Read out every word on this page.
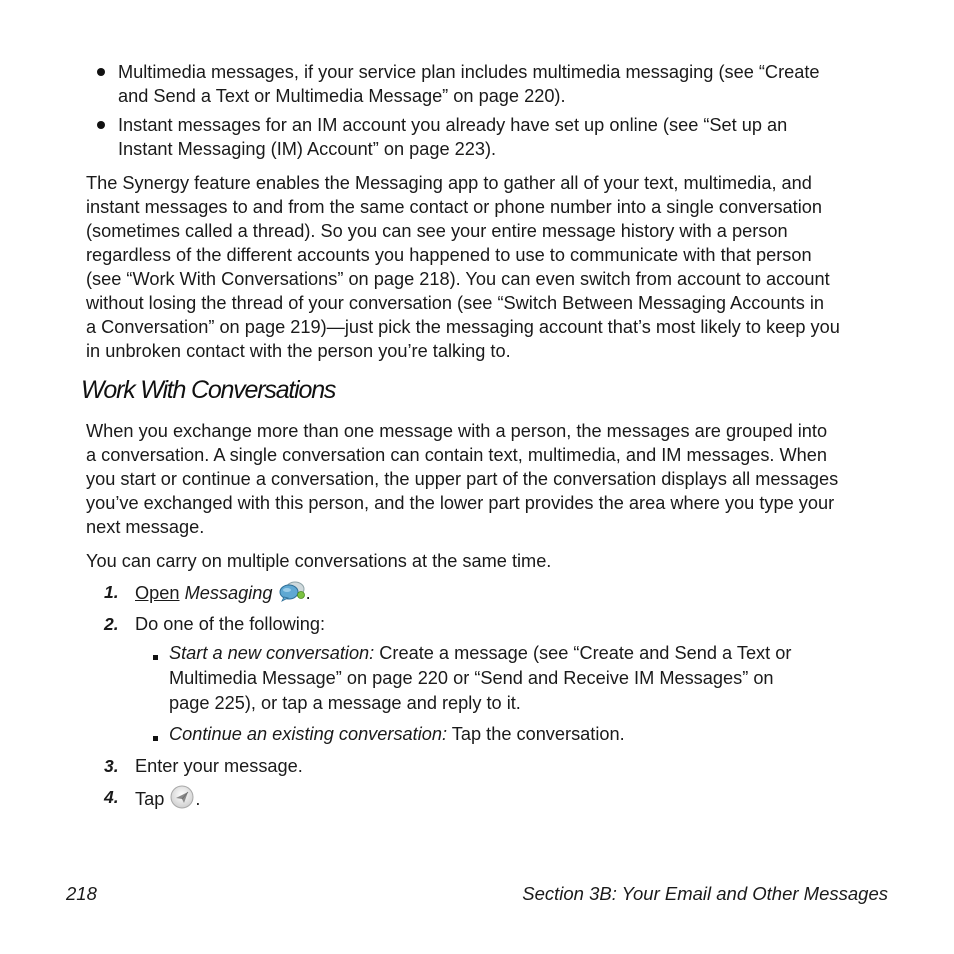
Multimedia messages, if your service plan includes multimedia messaging (see “Create
and Send a Text or Multimedia Message” on page 220).
Instant messages for an IM account you already have set up online (see “Set up an
Instant Messaging (IM) Account” on page 223).
The Synergy feature enables the Messaging app to gather all of your text, multimedia, and
instant messages to and from the same contact or phone number into a single conversation
(sometimes called a thread). So you can see your entire message history with a person
regardless of the different accounts you happened to use to communicate with that person
(see “Work With Conversations” on page 218). You can even switch from account to account
without losing the thread of your conversation (see “Switch Between Messaging Accounts in
a Conversation” on page 219)—just pick the messaging account that’s most likely to keep you
in unbroken contact with the person you’re talking to.
Work With Conversations
When you exchange more than one message with a person, the messages are grouped into
a conversation. A single conversation can contain text, multimedia, and IM messages. When
you start or continue a conversation, the upper part of the conversation displays all messages
you’ve exchanged with this person, and the lower part provides the area where you type your
next message.
You can carry on multiple conversations at the same time.
1. Open Messaging .
2. Do one of the following:
Start a new conversation: Create a message (see “Create and Send a Text or
Multimedia Message” on page 220 or “Send and Receive IM Messages” on
page 225), or tap a message and reply to it.
Continue an existing conversation: Tap the conversation.
3. Enter your message.
4. Tap .
218	Section 3B: Your Email and Other Messages
